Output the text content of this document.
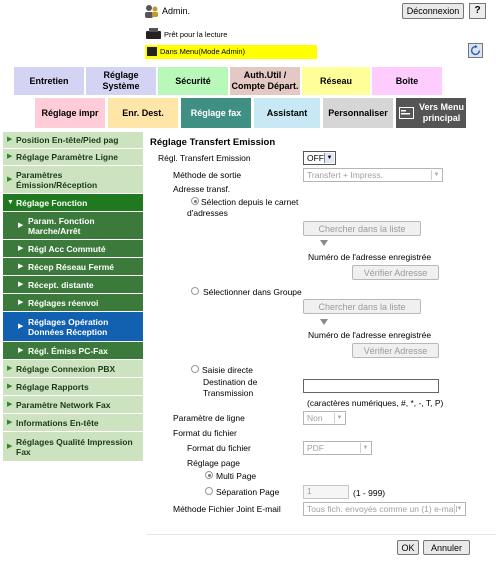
Admin.	Déconnexion	?
Prêt pour la lecture
Dans Menu(Mode Admin)
Entretien
Réglage Système
Sécurité
Auth.Util / Compte Départ.
Réseau	Boîte
Réglage impr	Enr. Dest.	Réglage fax	Assistant Personnaliser
Vers Menu principal
▶ Position En-tête/Pied pag
▶ Réglage Paramètre Ligne
▶ Paramètres Émission/Réception
▼ Réglage Fonction
▶ Param. Fonction Marche/Arrêt
▶ Régl Acc Commuté
▶ Récep Réseau Fermé
▶ Récept. distante
▶ Réglages réenvoi
▶ Réglages Opération Données Réception
▶ Régl. Émiss PC-Fax
▶ Réglage Connexion PBX
▶ Réglage Rapports
▶ Paramètre Network Fax
▶ Informations En-tête
▶ Réglages Qualité Impression Fax
Réglage Transfert Emission
Régl. Transfert Emission	OFF ▼
Méthode de sortie	Transfert + Impress.	▼
Adresse transf.
Sélection depuis le carnet d'adresses
Chercher dans la liste
Numéro de l'adresse enregistrée
Vérifier Adresse
Sélectionner dans Groupe
Chercher dans la liste
Numéro de l'adresse enregistrée
Vérifier Adresse
Saisie directe
Destination de Transmission
(caractères numériques, #, *, -, T, P)
Paramètre de ligne	Non	▼
Format du fichier
Format du fichier	PDF	▼
Réglage page
Multi Page
Séparation Page	1	(1 - 999)
Méthode Fichier Joint E-mail	Tous fich. envoyés comme un (1) e-mail ▼
OK	Annuler
